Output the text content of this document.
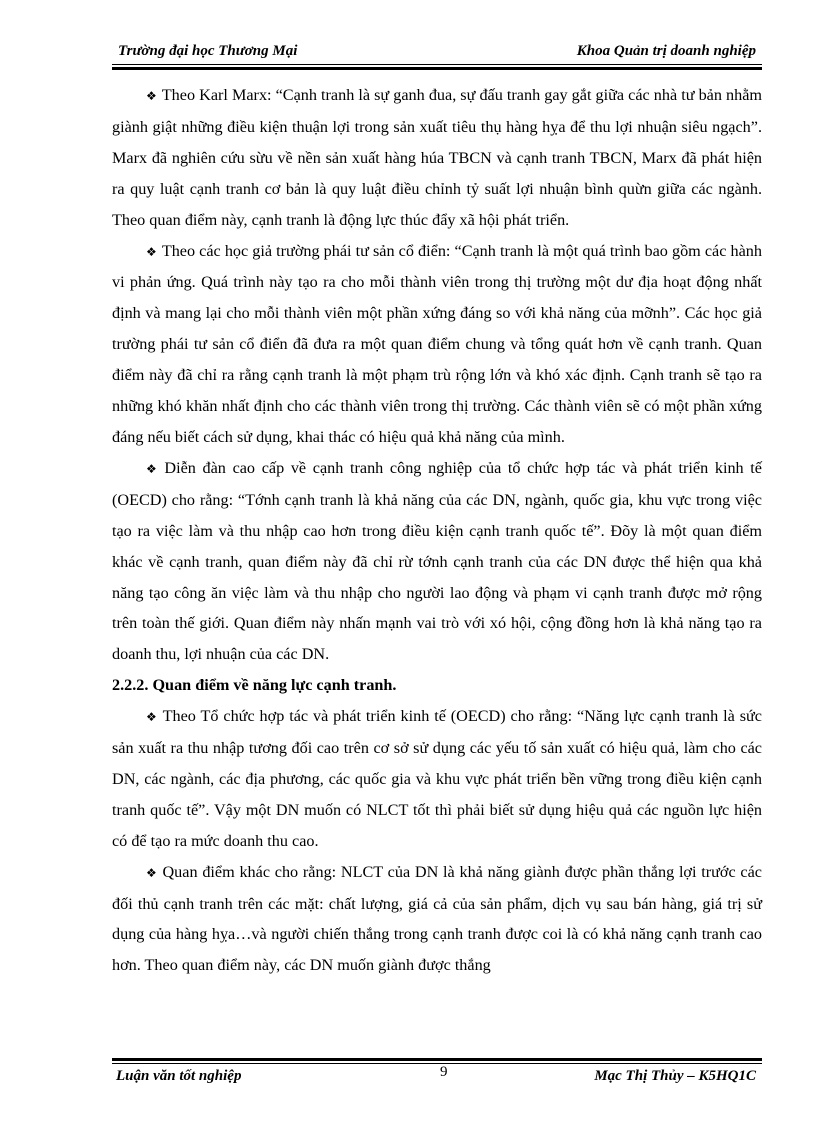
Trường đại học Thương Mại	Khoa Quản trị doanh nghiệp

❖ Theo Karl Marx: “Cạnh tranh là sự ganh đua, sự đấu tranh gay gắt giữa các nhà tư bản nhằm giành giật những điều kiện thuận lợi trong sản xuất tiêu thụ hàng hỵa để thu lợi nhuận siêu ngạch”. Marx đã nghiên cứu sừu về nền sản xuất hàng húa TBCN và cạnh tranh TBCN, Marx đã phát hiện ra quy luật cạnh tranh cơ bản là quy luật điều chỉnh tỷ suất lợi nhuận bình quừn giữa các ngành. Theo quan điểm này, cạnh tranh là động lực thúc đẩy xã hội phát triển.

❖ Theo các học giả trường phái tư sản cổ điển: “Cạnh tranh là một quá trình bao gồm các hành vi phản ứng. Quá trình này tạo ra cho mỗi thành viên trong thị trường một dư địa hoạt động nhất định và mang lại cho mỗi thành viên một phần xứng đáng so với khả năng của mỡnh”. Các học giả trường phái tư sản cổ điển đã đưa ra một quan điểm chung và tổng quát hơn về cạnh tranh. Quan điểm này đã chỉ ra rằng cạnh tranh là một phạm trù rộng lớn và khó xác định. Cạnh tranh sẽ tạo ra những khó khăn nhất định cho các thành viên trong thị trường. Các thành viên sẽ có một phần xứng đáng nếu biết cách sử dụng, khai thác có hiệu quả khả năng của mình.

❖ Diễn đàn cao cấp về cạnh tranh công nghiệp của tổ chức hợp tác và phát triển kinh tế (OECD) cho rằng: “Tớnh cạnh tranh là khả năng của các DN, ngành, quốc gia, khu vực trong việc tạo ra việc làm và thu nhập cao hơn trong điều kiện cạnh tranh quốc tế”. Đõy là một quan điểm khác về cạnh tranh, quan điểm này đã chỉ rừ tớnh cạnh tranh của các DN được thể hiện qua khả năng tạo công ăn việc làm và thu nhập cho người lao động và phạm vi cạnh tranh được mở rộng trên toàn thế giới. Quan điểm này nhấn mạnh vai trò với xó hội, cộng đồng hơn là khả năng tạo ra doanh thu, lợi nhuận của các DN.

2.2.2. Quan điểm về năng lực cạnh tranh.

❖ Theo Tổ chức hợp tác và phát triển kinh tế (OECD) cho rằng: “Năng lực cạnh tranh là sức sản xuất ra thu nhập tương đối cao trên cơ sở sử dụng các yếu tố sản xuất có hiệu quả, làm cho các DN, các ngành, các địa phương, các quốc gia và khu vực phát triển bền vững trong điều kiện cạnh tranh quốc tế”. Vậy một DN muốn có NLCT tốt thì phải biết sử dụng hiệu quả các nguồn lực hiện có để tạo ra mức doanh thu cao.

❖ Quan điểm khác cho rằng: NLCT của DN là khả năng giành được phần thắng lợi trước các đối thủ cạnh tranh trên các mặt: chất lượng, giá cả của sản phẩm, dịch vụ sau bán hàng, giá trị sử dụng của hàng hỵa…và người chiến thắng trong cạnh tranh được coi là có khả năng cạnh tranh cao hơn. Theo quan điểm này, các DN muốn giành được thắng

Luận văn tốt nghiệp	9	Mạc Thị Thủy – K5HQ1C
